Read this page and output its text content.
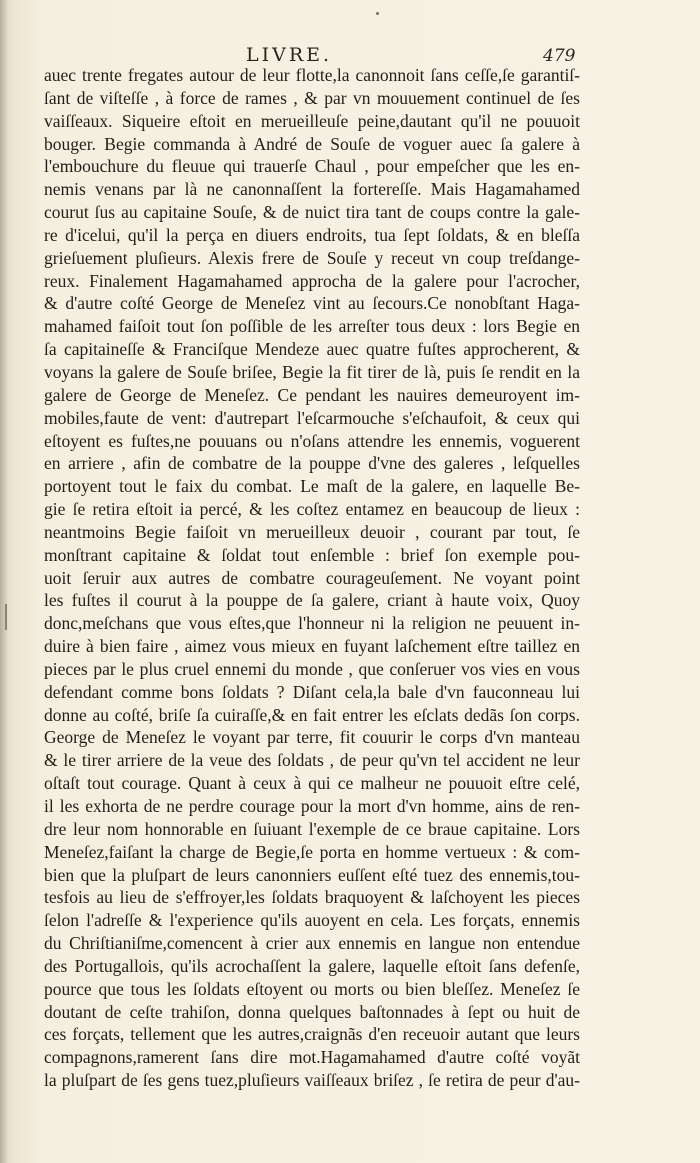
LIVRE.	479
auec trente fregates autour de leur flotte,la canonnoit ſans ceſſe,ſe garantiſ-
ſant de viſteſſe , à force de rames , & par vn mouuement continuel de ſes
vaiſſeaux. Siqueire eſtoit en merueilleuſe peine,dautant qu'il ne pouuoit
bouger. Begie commanda à André de Souſe de voguer auec ſa galere à
l'embouchure du fleuue qui trauerſe Chaul , pour empeſcher que les en-
nemis venans par là ne canonnaſſent la fortereſſe. Mais Hagamahamed
courut ſus au capitaine Souſe, & de nuict tira tant de coups contre la gale-
re d'icelui, qu'il la perça en diuers endroits, tua ſept ſoldats, & en bleſſa
grieſuement pluſieurs. Alexis frere de Souſe y receut vn coup treſdange-
reux. Finalement Hagamahamed approcha de la galere pour l'acrocher,
& d'autre coſté George de Meneſez vint au ſecours.Ce nonobſtant Haga-
mahamed faiſoit tout ſon poſſible de les arreſter tous deux : lors Begie en
ſa capitaineſſe & Franciſque Mendeze auec quatre fuſtes approcherent, &
voyans la galere de Souſe briſee, Begie la fit tirer de là, puis ſe rendit en la
galere de George de Meneſez. Ce pendant les nauires demeuroyent im-
mobiles,faute de vent: d'autrepart l'eſcarmouche s'eſchaufoit, & ceux qui
eſtoyent es fuſtes,ne pouuans ou n'oſans attendre les ennemis, voguerent
en arriere , afin de combatre de la pouppe d'vne des galeres , leſquelles
portoyent tout le faix du combat. Le maſt de la galere, en laquelle Be-
gie ſe retira eſtoit ia percé, & les coſtez entamez en beaucoup de lieux :
neantmoins Begie faiſoit vn merueilleux deuoir , courant par tout, ſe
monſtrant capitaine & ſoldat tout enſemble : brief ſon exemple pou-
uoit ſeruir aux autres de combatre courageuſement. Ne voyant point
les fuſtes il courut à la pouppe de ſa galere, criant à haute voix, Quoy
donc,meſchans que vous eſtes,que l'honneur ni la religion ne peuuent in-
duire à bien faire , aimez vous mieux en fuyant laſchement eſtre taillez en
pieces par le plus cruel ennemi du monde , que conſeruer vos vies en vous
defendant comme bons ſoldats ? Diſant cela,la bale d'vn fauconneau lui
donne au coſté, briſe ſa cuiraſſe,& en fait entrer les eſclats dedãs ſon corps.
George de Meneſez le voyant par terre, fit couurir le corps d'vn manteau
& le tirer arriere de la veue des ſoldats , de peur qu'vn tel accident ne leur
oſtaſt tout courage. Quant à ceux à qui ce malheur ne pouuoit eſtre celé,
il les exhorta de ne perdre courage pour la mort d'vn homme, ains de ren-
dre leur nom honnorable en ſuiuant l'exemple de ce braue capitaine. Lors
Meneſez,faiſant la charge de Begie,ſe porta en homme vertueux : & com-
bien que la pluſpart de leurs canonniers euſſent eſté tuez des ennemis,tou-
tesfois au lieu de s'effroyer,les ſoldats braquoyent & laſchoyent les pieces
ſelon l'adreſſe & l'experience qu'ils auoyent en cela. Les forçats, ennemis
du Chriſtianiſme,comencent à crier aux ennemis en langue non entendue
des Portugallois, qu'ils acrochaſſent la galere, laquelle eſtoit ſans defenſe,
pource que tous les ſoldats eſtoyent ou morts ou bien bleſſez. Meneſez ſe
doutant de ceſte trahiſon, donna quelques baſtonnades à ſept ou huit de
ces forçats, tellement que les autres,craignãs d'en receuoir autant que leurs
compagnons,ramerent ſans dire mot.Hagamahamed d'autre coſté voyãt
la pluſpart de ſes gens tuez,pluſieurs vaiſſeaux briſez , ſe retira de peur d'au-
